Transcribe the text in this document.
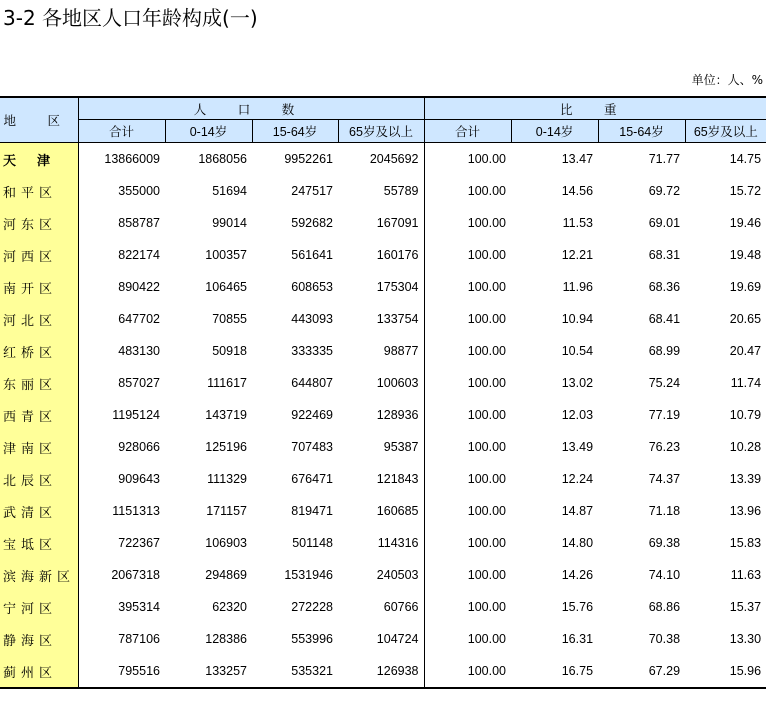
3-2 各地区人口年龄构成(一)
单位：人、%
地 区	人 口 数				比 重			
	合计	0-14岁	15-64岁	65岁及以上	合计	0-14岁	15-64岁	65岁及以上
天津	13866009	1868056	9952261	2045692	100.00	13.47	71.77	14.75
和平区	355000	51694	247517	55789	100.00	14.56	69.72	15.72
河东区	858787	99014	592682	167091	100.00	11.53	69.01	19.46
河西区	822174	100357	561641	160176	100.00	12.21	68.31	19.48
南开区	890422	106465	608653	175304	100.00	11.96	68.36	19.69
河北区	647702	70855	443093	133754	100.00	10.94	68.41	20.65
红桥区	483130	50918	333335	98877	100.00	10.54	68.99	20.47
东丽区	857027	111617	644807	100603	100.00	13.02	75.24	11.74
西青区	1195124	143719	922469	128936	100.00	12.03	77.19	10.79
津南区	928066	125196	707483	95387	100.00	13.49	76.23	10.28
北辰区	909643	111329	676471	121843	100.00	12.24	74.37	13.39
武清区	1151313	171157	819471	160685	100.00	14.87	71.18	13.96
宝坻区	722367	106903	501148	114316	100.00	14.80	69.38	15.83
滨海新区	2067318	294869	1531946	240503	100.00	14.26	74.10	11.63
宁河区	395314	62320	272228	60766	100.00	15.76	68.86	15.37
静海区	787106	128386	553996	104724	100.00	16.31	70.38	13.30
蓟州区	795516	133257	535321	126938	100.00	16.75	67.29	15.96
